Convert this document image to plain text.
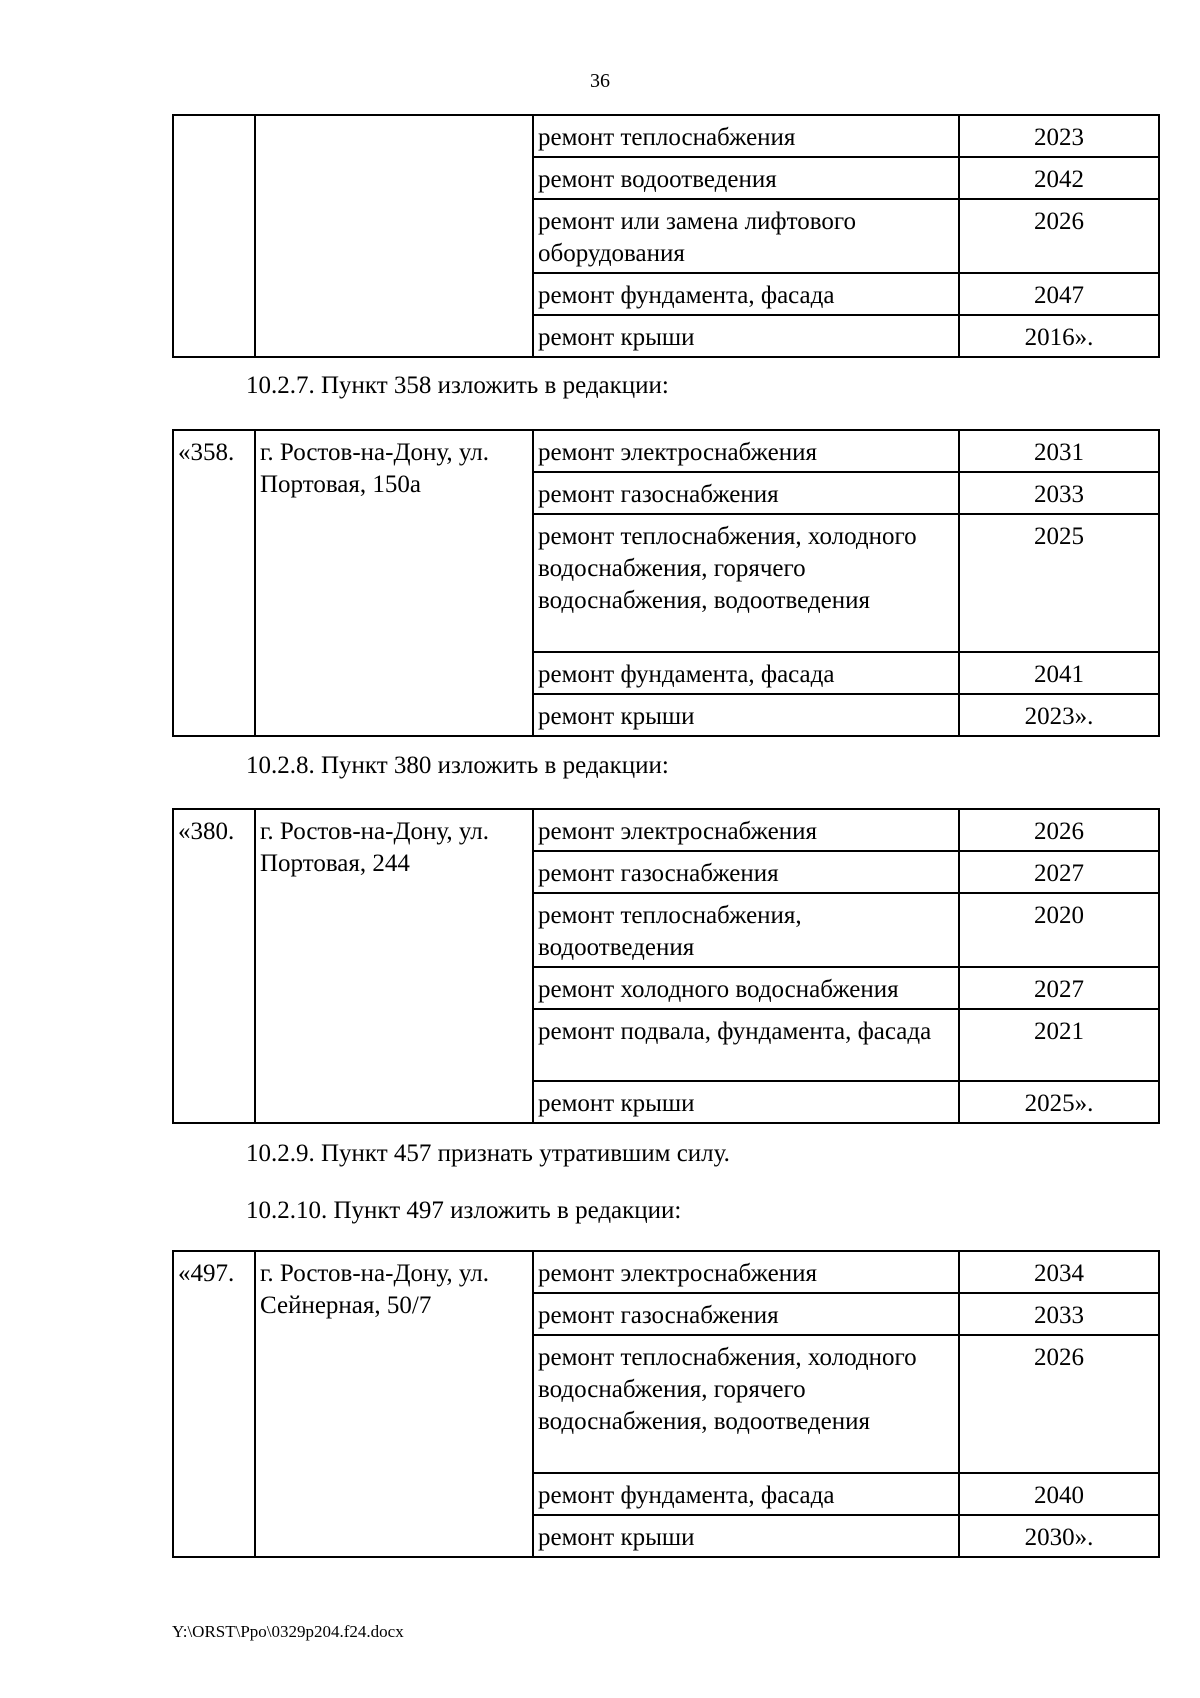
36
		ремонт теплоснабжения	2023
		ремонт водоотведения	2042
		ремонт или замена лифтового оборудования	2026
		ремонт фундамента, фасада	2047
		ремонт крыши	2016».
10.2.7. Пункт 358 изложить в редакции:
«358.	г. Ростов-на-Дону, ул. Портовая, 150а	ремонт электроснабжения	2031
		ремонт газоснабжения	2033
		ремонт теплоснабжения, холодного водоснабжения, горячего водоснабжения, водоотведения	2025
		ремонт фундамента, фасада	2041
		ремонт крыши	2023».
10.2.8. Пункт 380 изложить в редакции:
«380.	г. Ростов-на-Дону, ул. Портовая, 244	ремонт электроснабжения	2026
		ремонт газоснабжения	2027
		ремонт теплоснабжения, водоотведения	2020
		ремонт холодного водоснабжения	2027
		ремонт подвала, фундамента, фасада	2021
		ремонт крыши	2025».
10.2.9. Пункт 457 признать утратившим силу.
10.2.10. Пункт 497 изложить в редакции:
«497.	г. Ростов-на-Дону, ул. Сейнерная, 50/7	ремонт электроснабжения	2034
		ремонт газоснабжения	2033
		ремонт теплоснабжения, холодного водоснабжения, горячего водоснабжения, водоотведения	2026
		ремонт фундамента, фасада	2040
		ремонт крыши	2030».
Y:\ORST\Ppo\0329p204.f24.docx
